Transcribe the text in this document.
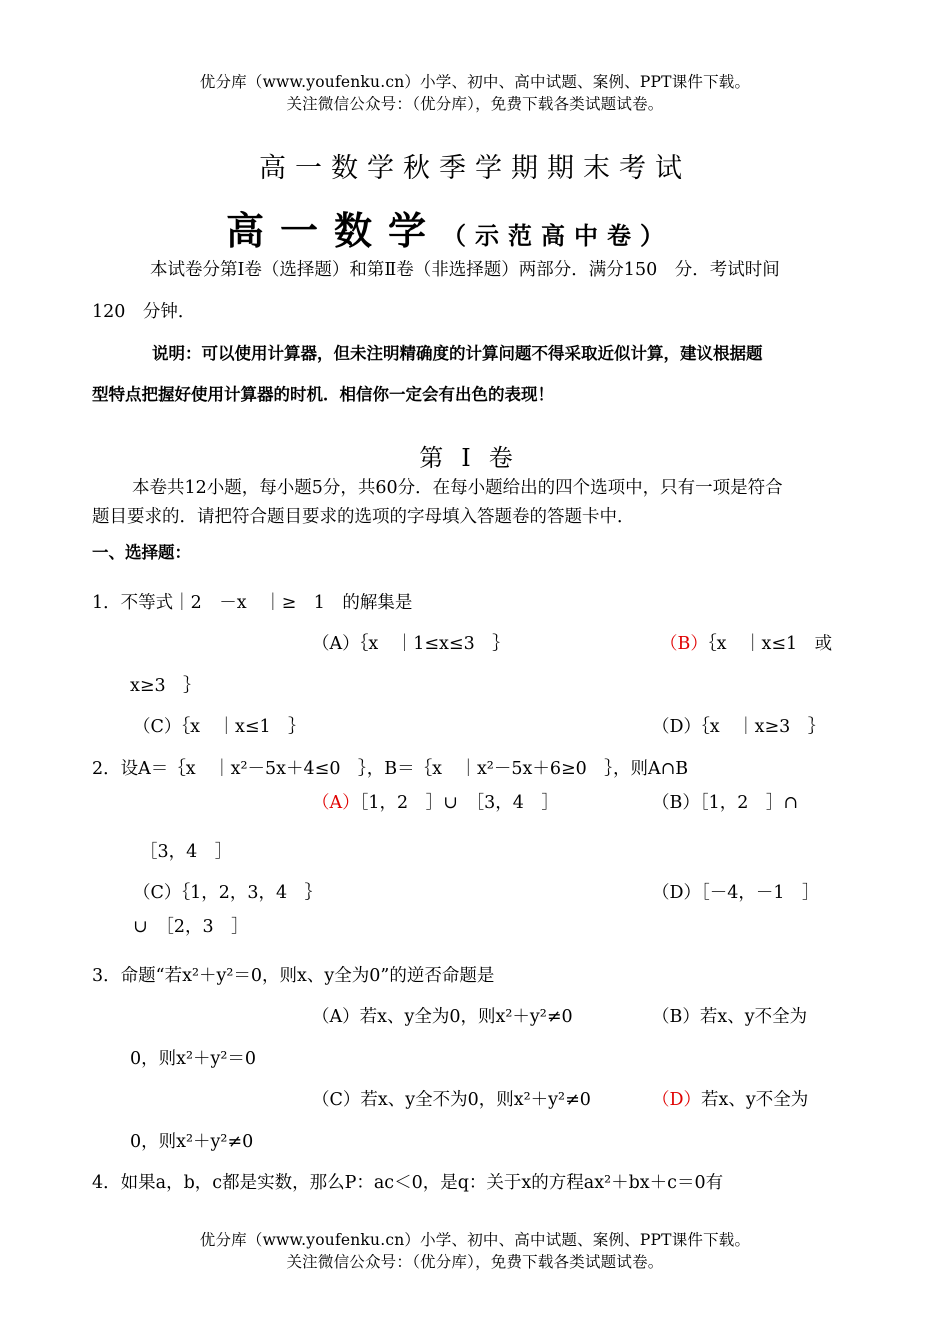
优分库（www.youfenku.cn）小学、初中、高中试题、案例、PPT课件下载。
关注微信公众号：（优分库），免费下载各类试题试卷。
高一数学秋季学期期末考试
高一数学（示范高中卷）
本试卷分第Ⅰ卷（选择题）和第Ⅱ卷（非选择题）两部分．满分150　分．考试时间
120　分钟．
说明：可以使用计算器，但未注明精确度的计算问题不得采取近似计算，建议根据题
型特点把握好使用计算器的时机．相信你一定会有出色的表现！
第Ⅰ卷
本卷共12小题，每小题5分，共60分．在每小题给出的四个选项中，只有一项是符合
题目要求的．请把符合题目要求的选项的字母填入答题卷的答题卡中．
一、选择题：
1．不等式｜2　－x　｜≥　1　的解集是
（A）｛x　｜1≤x≤3　｝	（B）｛x　｜x≤1　或
x≥3　｝
（C）｛x　｜x≤1　｝	（D）｛x　｜x≥3　｝
2．设A＝｛x　｜x²－5x＋4≤0　｝，B＝｛x　｜x²－5x＋6≥0　｝，则A∩B
（A）［1，2　］∪　［3，4　］	（B）［1，2　］∩
［3，4　］
（C）｛1，2，3，4　｝	（D）［－4，－1　］
∪　［2，3　］
3．命题“若x²＋y²＝0，则x、y全为0”的逆否命题是
（A）若x、y全为0，则x²＋y²≠0	（B）若x、y不全为
0，则x²＋y²＝0
（C）若x、y全不为0，则x²＋y²≠0	（D）若x、y不全为
0，则x²＋y²≠0
4．如果a，b，c都是实数，那么P：ac＜0，是q：关于x的方程ax²＋bx＋c＝0有
优分库（www.youfenku.cn）小学、初中、高中试题、案例、PPT课件下载。
关注微信公众号：（优分库），免费下载各类试题试卷。
